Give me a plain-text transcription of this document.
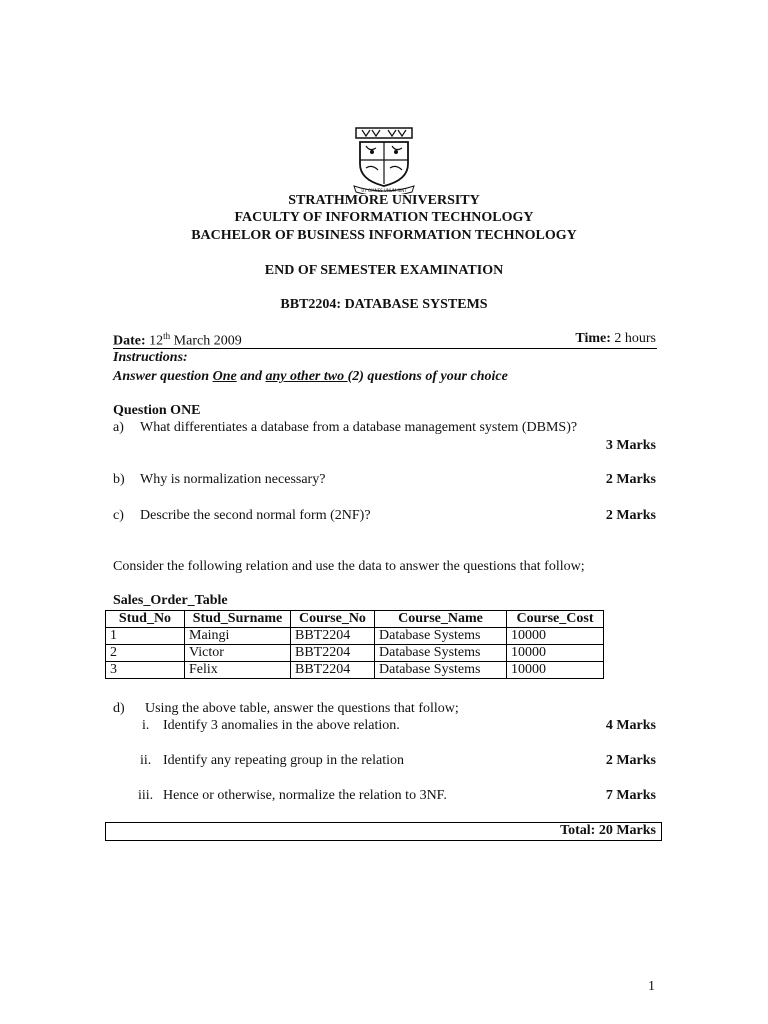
UT OMNES UNUM SINT
STRATHMORE UNIVERSITY
FACULTY OF INFORMATION TECHNOLOGY
BACHELOR OF BUSINESS INFORMATION TECHNOLOGY
END OF SEMESTER EXAMINATION
BBT2204: DATABASE SYSTEMS
Date: 12th March 2009	Time: 2 hours
Instructions:
Answer question One and any other two (2) questions of your choice
Question ONE
a) What differentiates a database from a database management system (DBMS)?
3 Marks
b) Why is normalization necessary?	2 Marks
c) Describe the second normal form (2NF)?	2 Marks
Consider the following relation and use the data to answer the questions that follow;
Sales_Order_Table
Stud_No	Stud_Surname	Course_No	Course_Name	Course_Cost
1	Maingi	BBT2204	Database Systems	10000
2	Victor	BBT2204	Database Systems	10000
3	Felix	BBT2204	Database Systems	10000
d) Using the above table, answer the questions that follow;
i. Identify 3 anomalies in the above relation.	4 Marks
ii. Identify any repeating group in the relation	2 Marks
iii. Hence or otherwise, normalize the relation to 3NF.	7 Marks
Total: 20 Marks
1
